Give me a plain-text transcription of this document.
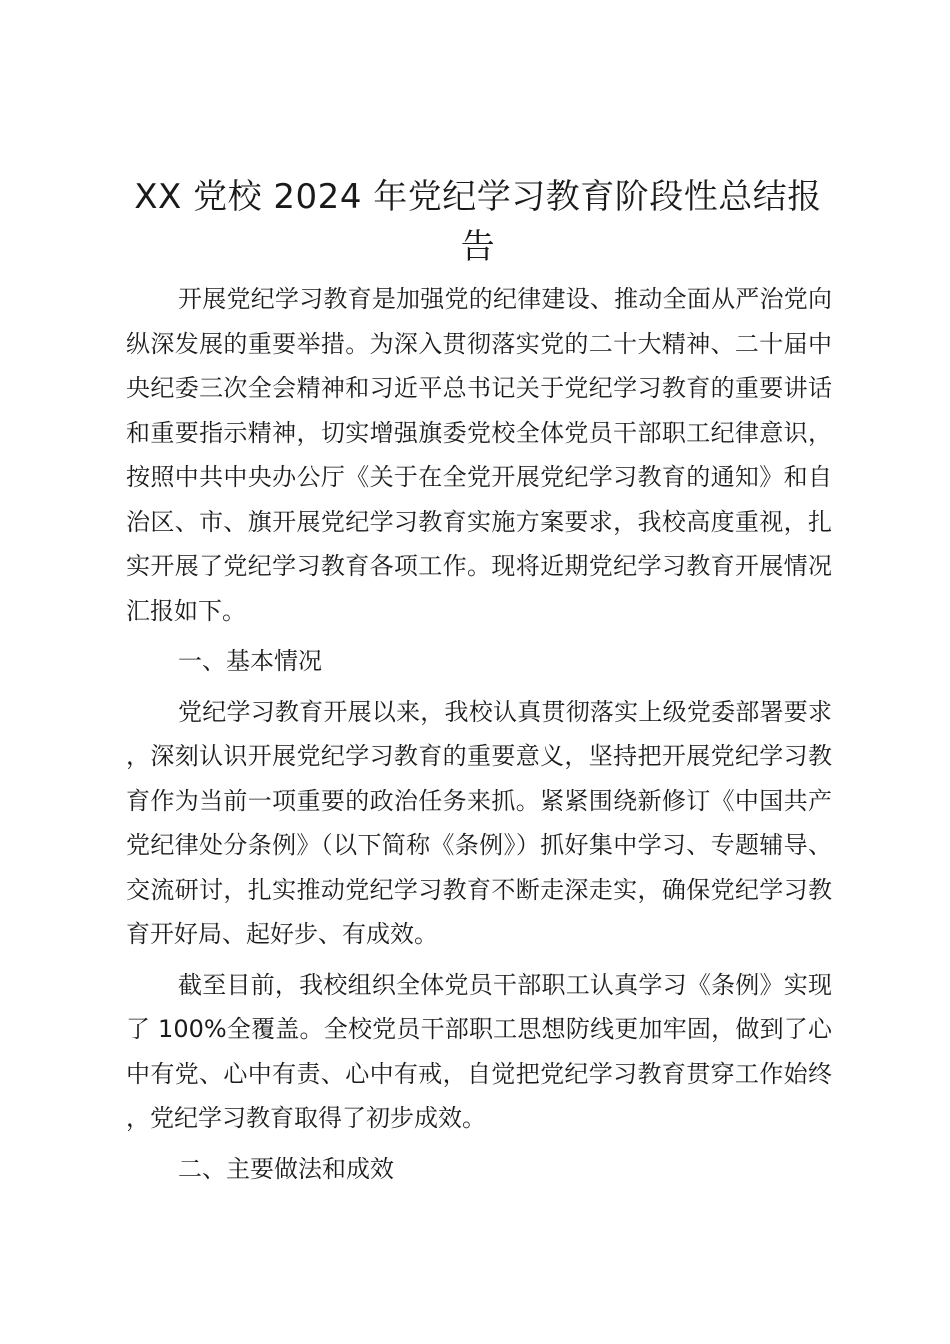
XX 党校 2024 年党纪学习教育阶段性总结报告

开展党纪学习教育是加强党的纪律建设、推动全面从严治党向纵深发展的重要举措。为深入贯彻落实党的二十大精神、二十届中央纪委三次全会精神和习近平总书记关于党纪学习教育的重要讲话和重要指示精神，切实增强旗委党校全体党员干部职工纪律意识，按照中共中央办公厅《关于在全党开展党纪学习教育的通知》和自治区、市、旗开展党纪学习教育实施方案要求，我校高度重视，扎实开展了党纪学习教育各项工作。现将近期党纪学习教育开展情况汇报如下。

一、基本情况

党纪学习教育开展以来，我校认真贯彻落实上级党委部署要求，深刻认识开展党纪学习教育的重要意义，坚持把开展党纪学习教育作为当前一项重要的政治任务来抓。紧紧围绕新修订《中国共产党纪律处分条例》（以下简称《条例》）抓好集中学习、专题辅导、交流研讨，扎实推动党纪学习教育不断走深走实，确保党纪学习教育开好局、起好步、有成效。

截至目前，我校组织全体党员干部职工认真学习《条例》实现了 100%全覆盖。全校党员干部职工思想防线更加牢固，做到了心中有党、心中有责、心中有戒，自觉把党纪学习教育贯穿工作始终，党纪学习教育取得了初步成效。

二、主要做法和成效
